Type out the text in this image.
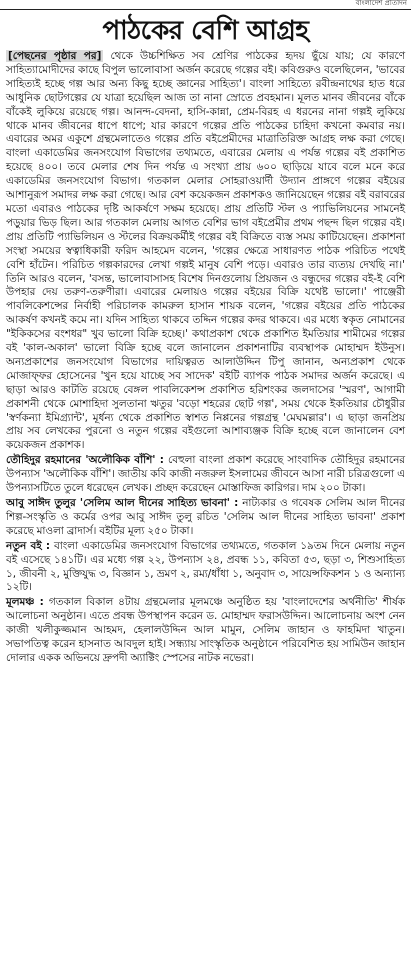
বাংলাদেশ প্রতিদিন
পাঠকের বেশি আগ্রহ

[পেছনের পৃষ্ঠার পর] থেকে উচ্চশিক্ষিত সব শ্রেণির পাঠকের হৃদয় ছুঁয়ে যায়; যে কারণে সাহিত্যামোদীদের কাছে বিপুল ভালোবাসা অর্জন করেছে গল্পের বই। কবিগুরুও বলেছিলেন, 'ভাবের সাহিত্যই হচ্ছে গল্প আর অন্য কিছু হচ্ছে জ্ঞানের সাহিত্য'। বাংলা সাহিত্যে রবীন্দ্রনাথের হাত ধরে আধুনিক ছোটগল্পের যে যাত্রা হয়েছিল আজ তা নানা স্রোতে প্রবহমান। মূলত মানব জীবনের বাঁকে বাঁকেই লুকিয়ে রয়েছে গল্প। আনন্দ-বেদনা, হাসি-কান্না, প্রেম-বিরহ এ ধরনের নানা গল্পই লুকিয়ে থাকে মানব জীবনের ধাপে ধাপে; যার কারণে গল্পের প্রতি পাঠকের চাহিদা কখনো কমবার নয়। এবারের অমর একুশে গ্রন্থমেলাতেও গল্পের প্রতি বইপ্রেমীদের মাত্রাতিরিক্ত আগ্রহ লক্ষ করা গেছে। বাংলা একাডেমির জনসংযোগ বিভাগের তথ্যমতে, এবারের মেলায় এ পর্যন্ত গল্পের বই প্রকাশিত হয়েছে ৪০০। তবে মেলার শেষ দিন পর্যন্ত এ সংখ্যা প্রায় ৬০০ ছাড়িয়ে যাবে বলে মনে করে একাডেমির জনসংযোগ বিভাগ। গতকাল মেলার সোহরাওয়ার্দী উদ্যান প্রাঙ্গণে গল্পের বইয়ের আশানুরূপ সমাদর লক্ষ করা গেছে। আর বেশ কয়েকজন প্রকাশকও জানিয়েছেন গল্পের বই বরাবরের মতো এবারও পাঠকের দৃষ্টি আকর্ষণে সক্ষম হয়েছে। প্রায় প্রতিটি স্টল ও প্যাভিলিয়নের সামনেই পড়ুয়ার ভিড় ছিল। আর গতকাল মেলায় আগত বেশির ভাগ বইপ্রেমীর প্রথম পছন্দ ছিল গল্পের বই। প্রায় প্রতিটি প্যাভিলিয়ন ও স্টলের বিক্রয়কর্মীই গল্পের বই বিক্রিতে ব্যস্ত সময় কাটিয়েছেন। প্রকাশনা সংস্থা সময়ের স্বত্বাধিকারী ফরিদ আহমেদ বলেন, 'গল্পের ক্ষেত্রে সাধারণত পাঠক পরিচিত পথেই বেশি হাঁটেন। পরিচিত গল্পকারদের লেখা গল্পই মানুষ বেশি পড়ে। এবারও তার ব্যত্যয় দেখছি না।' তিনি আরও বলেন, 'বসন্ত, ভালোবাসাসহ বিশেষ দিনগুলোয় প্রিয়জন ও বন্ধুদের গল্পের বই-ই বেশি উপহার দেয় তরুণ-তরুণীরা। এবারের মেলায়ও গল্পের বইয়ের বিক্রি যথেষ্ট ভালো।' পাঞ্জেরী পাবলিকেশন্সের নির্বাহী পরিচালক কামরুল হাসান শায়ক বলেন, 'গল্পের বইয়ের প্রতি পাঠকের আকর্ষণ কখনই কমে না। যদিন সাহিত্য থাকবে তদ্দিন গল্পের কদর থাকবে। এর মধ্যে স্বকৃত নোমানের "ইকিকসের বংশধর" খুব ভালো বিক্রি হচ্ছে।' কথাপ্রকাশ থেকে প্রকাশিত ইমতিয়ার শামীমের গল্পের বই 'কাল-অকাল' ভালো বিক্রি হচ্ছে বলে জানালেন প্রকাশনাটির ব্যবস্থাপক মোহাম্মদ ইউনুস। অন্যপ্রকাশের জনসংযোগ বিভাগের দায়িত্বরত আলাউদ্দিন টিপু জানান, অন্যপ্রকাশ থেকে মোজাফ্ফর হোসেনের 'খুন হয়ে যাচ্ছে সব সাদেক' বইটি ব্যাপক পাঠক সমাদর অর্জন করেছে। এ ছাড়া আরও কাটতি রয়েছে বেঙ্গল পাবলিকেশন্স প্রকাশিত হরিশংকর জলদাসের 'স্মরণ', আগামী প্রকাশনী থেকে মোশাহিদা সুলতানা ঋতুর 'বড়ো শহরের ছোট গল্প', সময় থেকে ইকতিয়ার চৌধুরীর 'স্বর্ণকন্যা ইমিগ্র্যান্ট', মূর্ধন্য থেকে প্রকাশিত স্বাশত নিপ্পনের গল্পগ্রন্থ 'মেঘমল্লার'। এ ছাড়া জনপ্রিয় প্রায় সব লেখকের পুরনো ও নতুন গল্পের বইগুলো আশাব্যঞ্জক বিক্রি হচ্ছে বলে জানালেন বেশ কয়েকজন প্রকাশক।

তৌহিদুর রহমানের 'অলৌকিক বাঁশি' : বেহুলা বাংলা প্রকাশ করেছে সাংবাদিক তৌহিদুর রহমানের উপন্যাস 'অলৌকিক বাঁশি'। জাতীয় কবি কাজী নজরুল ইসলামের জীবনে আসা নারী চরিত্রগুলো এ উপন্যাসটিতে তুলে ধরেছেন লেখক। প্রচ্ছদ করেছেন মোস্তাফিজ কারিগর। দাম ২০০ টাকা।

আবু সাঈদ তুলুর 'সেলিম আল দীনের সাহিত্য ভাবনা' : নাট্যকার ও গবেষক সেলিম আল দীনের শিল্প-সংস্কৃতি ও কর্মের ওপর আবু সাঈদ তুলু রচিত 'সেলিম আল দীনের সাহিত্য ভাবনা' প্রকাশ করেছে মাওলা ব্রাদার্স। বইটির মূল্য ২৫০ টাকা।

নতুন বই : বাংলা একাডেমির জনসংযোগ বিভাগের তথ্যমতে, গতকাল ১৯তম দিনে মেলায় নতুন বই এসেছে ১৪১টি। এর মধ্যে গল্প ২২, উপন্যাস ২৪, প্রবন্ধ ১১, কবিতা ৫৩, ছড়া ৩, শিশুসাহিত্য ১, জীবনী ২, মুক্তিযুদ্ধ ৩, বিজ্ঞান ১, ভ্রমণ ২, রম্য/ধাঁধা ১, অনুবাদ ৩, সায়েন্সফিকশন ১ ও অন্যান্য ১২টি।

মূলমঞ্চ : গতকাল বিকাল ৪টায় গ্রন্থমেলার মূলমঞ্চে অনুষ্ঠিত হয় 'বাংলাদেশের অর্থনীতি' শীর্ষক আলোচনা অনুষ্ঠান। এতে প্রবন্ধ উপস্থাপন করেন ড. মোহাম্মদ ফরাসউদ্দিন। আলোচনায় অংশ নেন কাজী খলীকুজ্জমান আহমদ, হেলালউদ্দিন আল মামুন, সেলিম জাহান ও ফাহমিদা খাতুন। সভাপতিত্ব করেন হাসনাত আবদুল হাই। সন্ধ্যায় সাংস্কৃতিক অনুষ্ঠানে পরিবেশিত হয় সামিউন জাহান দোলার একক অভিনয়ে দ্রুপদী অ্যাক্টিং স্পেসের নাটক নভেরা।
